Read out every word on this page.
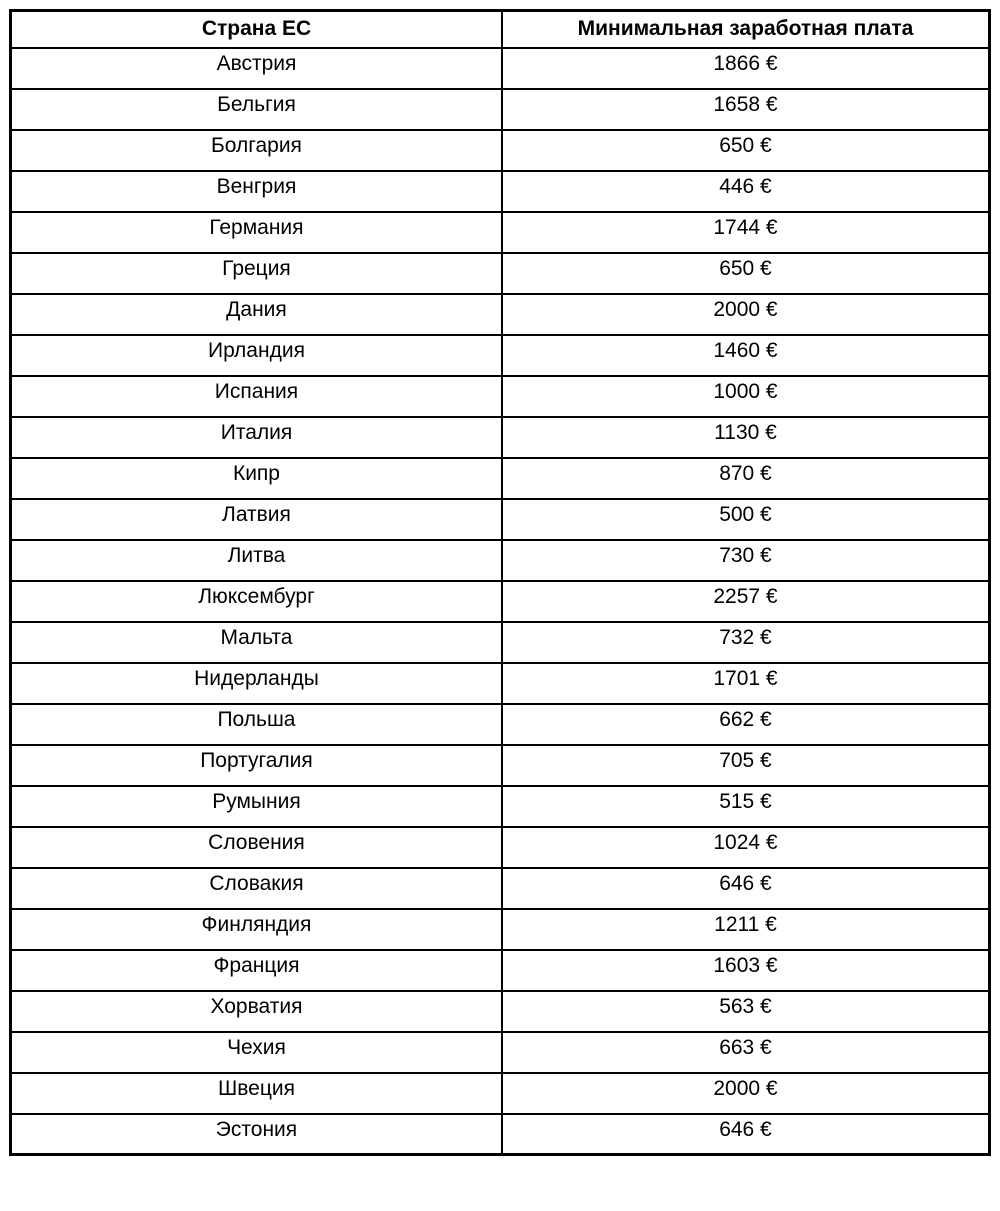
Страна ЕС	Минимальная заработная плата
Австрия	1866 €
Бельгия	1658 €
Болгария	650 €
Венгрия	446 €
Германия	1744 €
Греция	650 €
Дания	2000 €
Ирландия	1460 €
Испания	1000 €
Италия	1130 €
Кипр	870 €
Латвия	500 €
Литва	730 €
Люксембург	2257 €
Мальта	732 €
Нидерланды	1701 €
Польша	662 €
Португалия	705 €
Румыния	515 €
Словения	1024 €
Словакия	646 €
Финляндия	1211 €
Франция	1603 €
Хорватия	563 €
Чехия	663 €
Швеция	2000 €
Эстония	646 €
